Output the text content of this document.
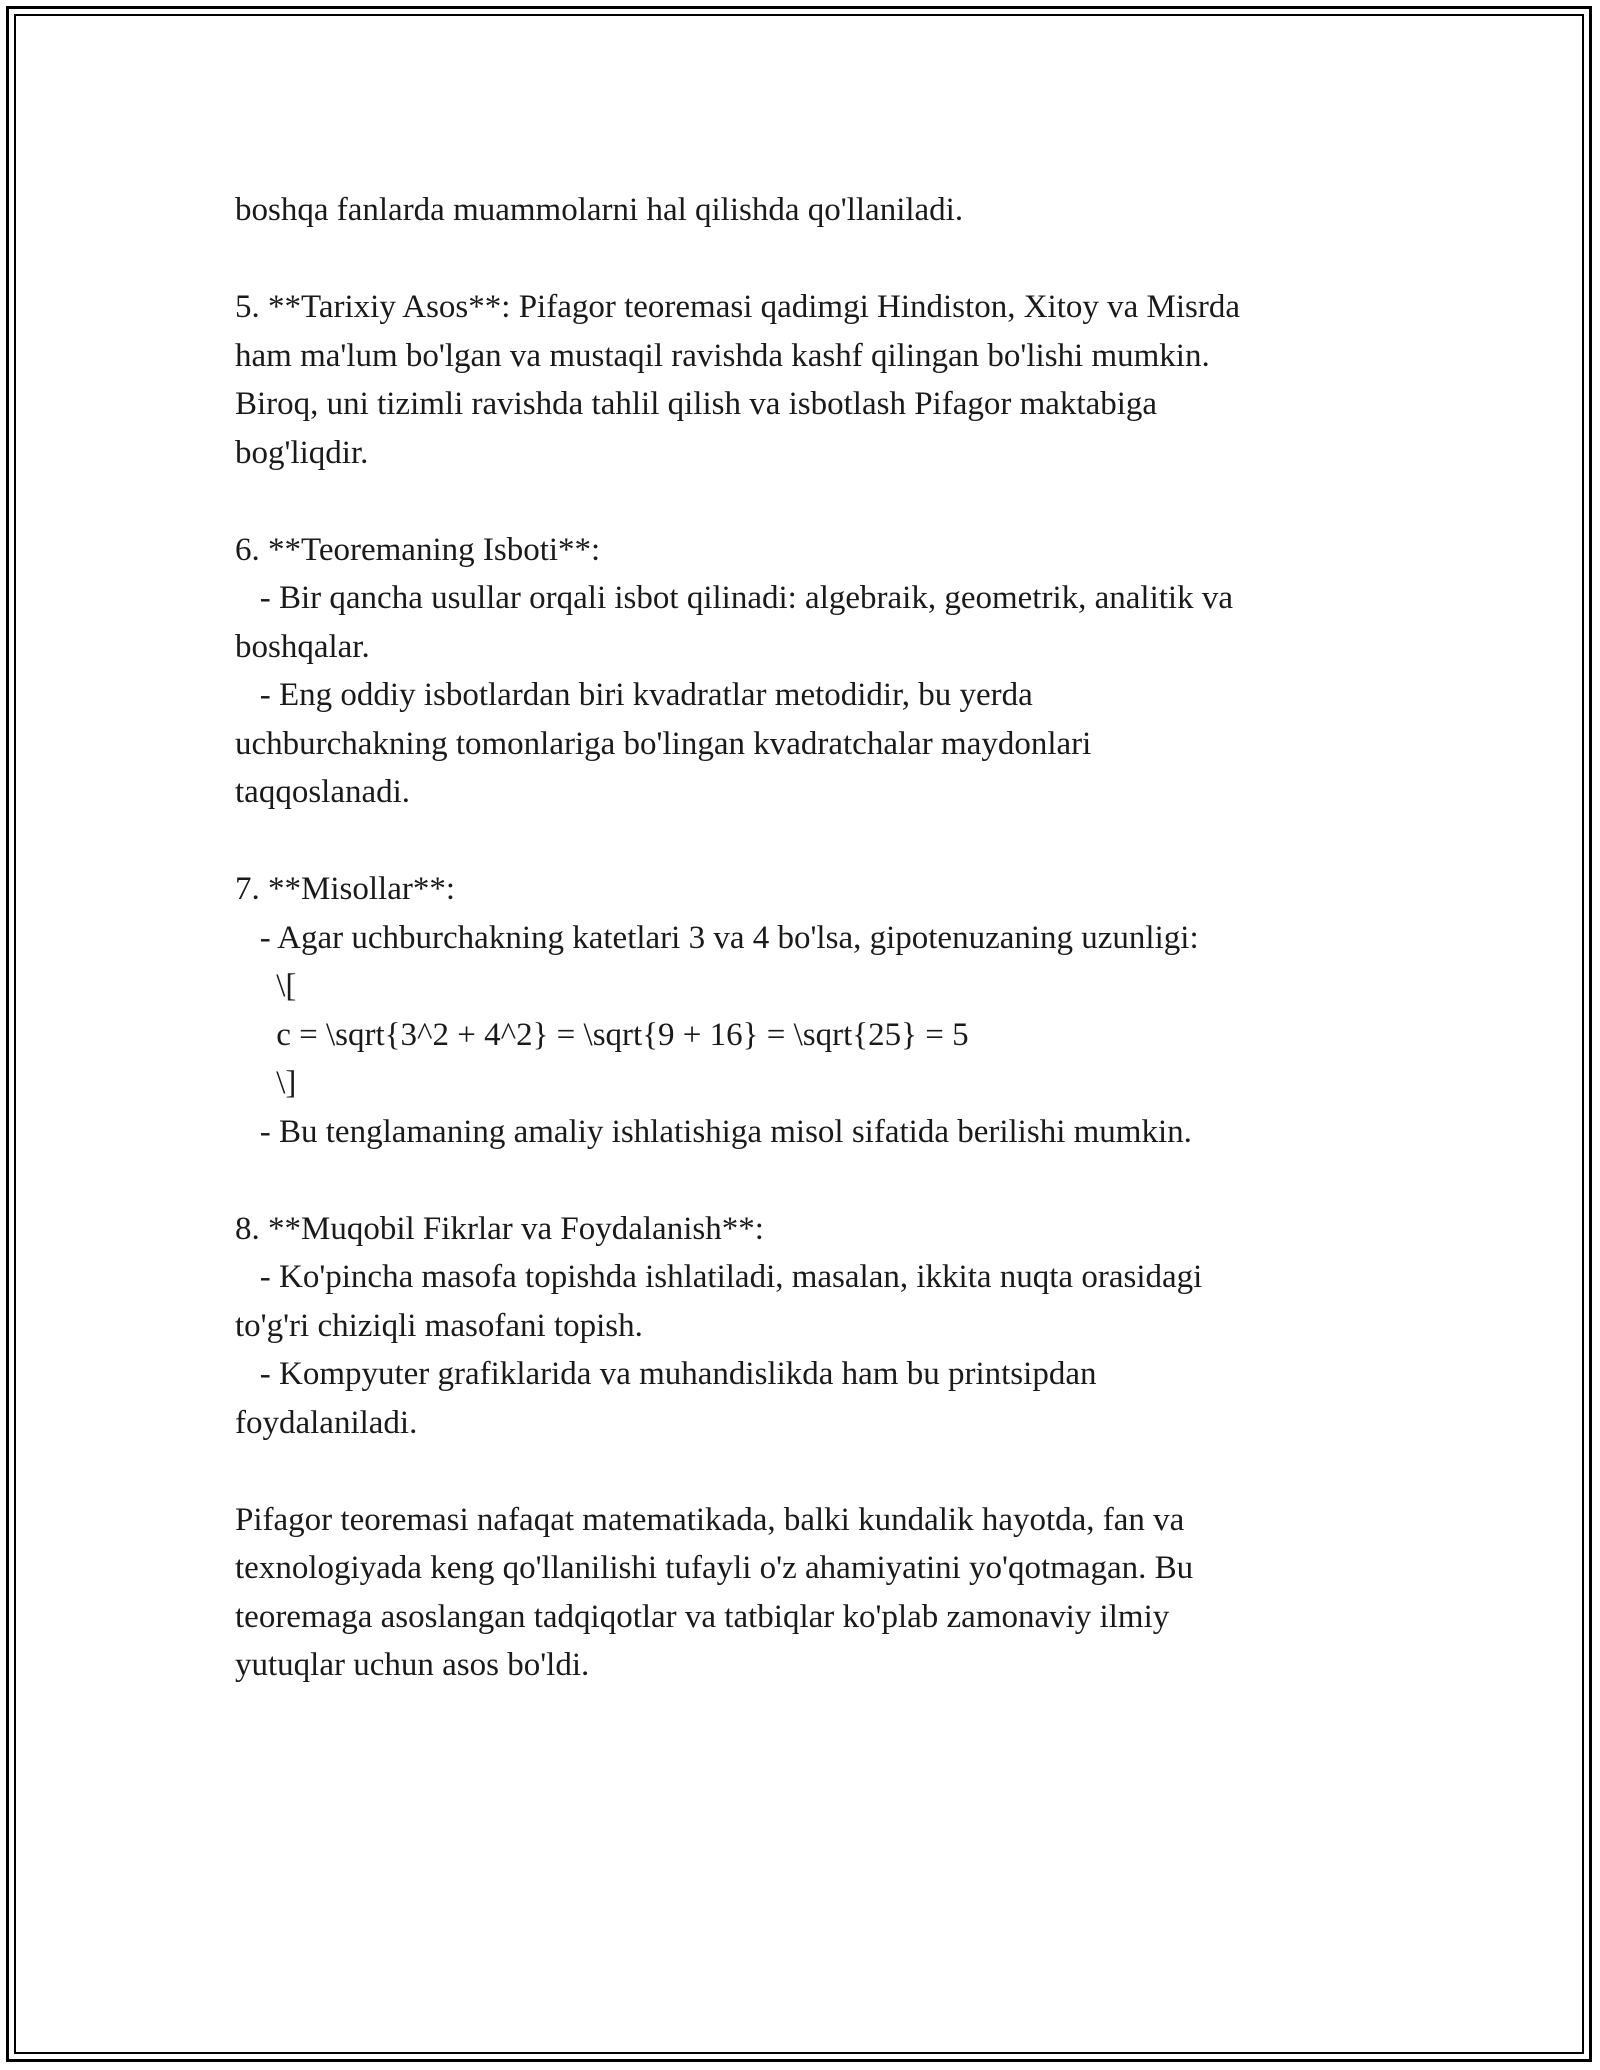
boshqa fanlarda muammolarni hal qilishda qo'llaniladi.
5. **Tarixiy Asos**: Pifagor teoremasi qadimgi Hindiston, Xitoy va Misrda
ham ma'lum bo'lgan va mustaqil ravishda kashf qilingan bo'lishi mumkin.
Biroq, uni tizimli ravishda tahlil qilish va isbotlash Pifagor maktabiga
bog'liqdir.
6. **Teoremaning Isboti**:
- Bir qancha usullar orqali isbot qilinadi: algebraik, geometrik, analitik va
boshqalar.
- Eng oddiy isbotlardan biri kvadratlar metodidir, bu yerda
uchburchakning tomonlariga bo'lingan kvadratchalar maydonlari
taqqoslanadi.
7. **Misollar**:
- Agar uchburchakning katetlari 3 va 4 bo'lsa, gipotenuzaning uzunligi:
\[
c = \sqrt{3^2 + 4^2} = \sqrt{9 + 16} = \sqrt{25} = 5
\]
- Bu tenglamaning amaliy ishlatishiga misol sifatida berilishi mumkin.
8. **Muqobil Fikrlar va Foydalanish**:
- Ko'pincha masofa topishda ishlatiladi, masalan, ikkita nuqta orasidagi
to'g'ri chiziqli masofani topish.
- Kompyuter grafiklarida va muhandislikda ham bu printsipdan
foydalaniladi.
Pifagor teoremasi nafaqat matematikada, balki kundalik hayotda, fan va
texnologiyada keng qo'llanilishi tufayli o'z ahamiyatini yo'qotmagan. Bu
teoremaga asoslangan tadqiqotlar va tatbiqlar ko'plab zamonaviy ilmiy
yutuqlar uchun asos bo'ldi.
